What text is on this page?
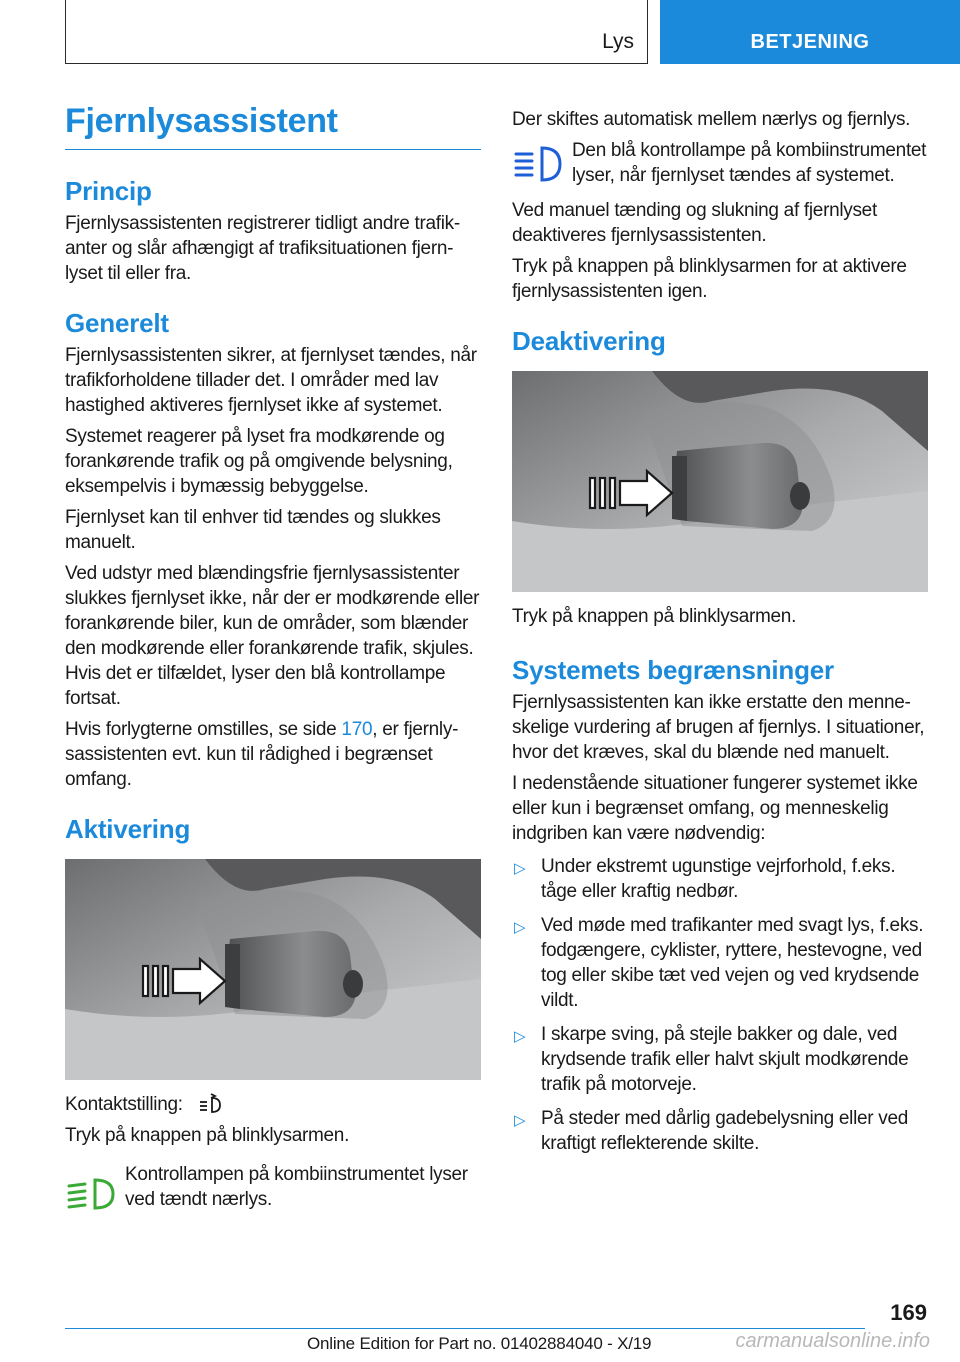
Lys	BETJENING
Fjernlysassistent
Princip

Fjernlysassistenten registrerer tidligt andre trafikanter og slår afhængigt af trafiksituationen fjernlyset til eller fra.

Generelt

Fjernlysassistenten sikrer, at fjernlyset tændes, når trafikforholdene tillader det. I områder med lav hastighed aktiveres fjernlyset ikke af systemet.

Systemet reagerer på lyset fra modkørende og forankørende trafik og på omgivende belysning, eksempelvis i bymæssig bebyggelse.

Fjernlyset kan til enhver tid tændes og slukkes manuelt.

Ved udstyr med blændingsfrie fjernlysassistenter slukkes fjernlyset ikke, når der er modkørende eller forankørende biler, kun de områder, som blænder den modkørende eller forankørende trafik, skjules. Hvis det er tilfældet, lyser den blå kontrollampe fortsat.

Hvis forlygterne omstilles, se side 170, er fjernlysassistenten evt. kun til rådighed i begrænset omfang.

Aktivering

Kontaktstilling:

Tryk på knappen på blinklysarmen.

Kontrollampen på kombiinstrumentet lyser ved tændt nærlys.

Der skiftes automatisk mellem nærlys og fjernlys.

Den blå kontrollampe på kombiinstrumentet lyser, når fjernlyset tændes af systemet.

Ved manuel tænding og slukning af fjernlyset deaktiveres fjernlysassistenten.

Tryk på knappen på blinklysarmen for at aktivere fjernlysassistenten igen.

Deaktivering

Tryk på knappen på blinklysarmen.

Systemets begrænsninger

Fjernlysassistenten kan ikke erstatte den menneskelige vurdering af brugen af fjernlys. I situationer, hvor det kræves, skal du blænde ned manuelt.

I nedenstående situationer fungerer systemet ikke eller kun i begrænset omfang, og menneskelig indgriben kan være nødvendig:

▷ Under ekstremt ugunstige vejrforhold, f.eks. tåge eller kraftig nedbør.
▷ Ved møde med trafikanter med svagt lys, f.eks. fodgængere, cyklister, ryttere, hestevogne, ved tog eller skibe tæt ved vejen og ved krydsende vildt.
▷ I skarpe sving, på stejle bakker og dale, ved krydsende trafik eller halvt skjult modkørende trafik på motorveje.
▷ På steder med dårlig gadebelysning eller ved kraftigt reflekterende skilte.
169
Online Edition for Part no. 01402884040 - X/19	carmanualsonline.info
